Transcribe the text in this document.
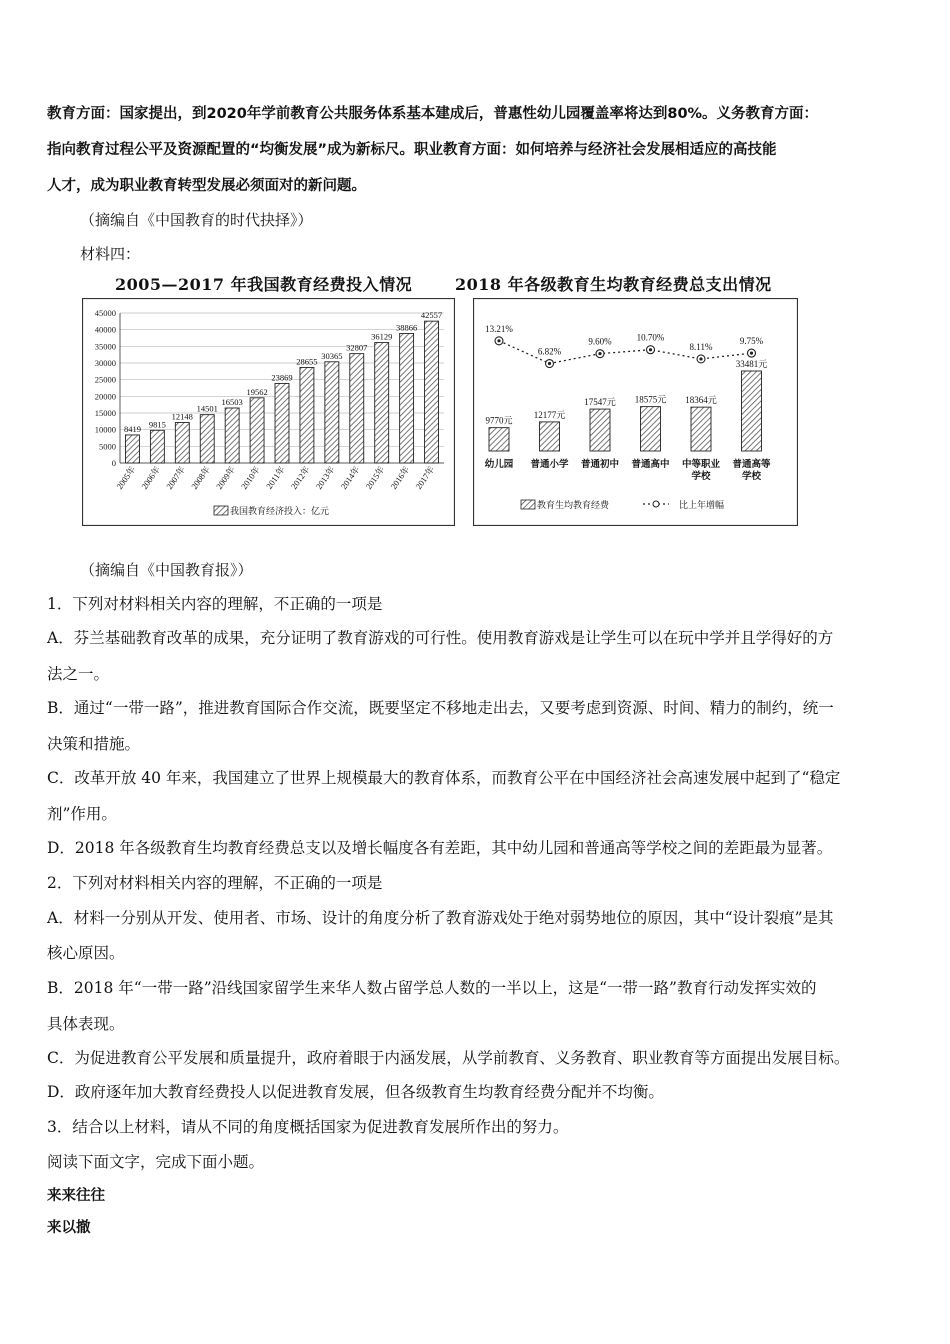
教育方面：国家提出，到2020年学前教育公共服务体系基本建成后，普惠性幼儿园覆盖率将达到80%。义务教育方面：
指向教育过程公平及资源配置的“均衡发展”成为新标尺。职业教育方面：如何培养与经济社会发展相适应的高技能
人才，成为职业教育转型发展必须面对的新问题。
（摘编自《中国教育的时代抉择》）
材料四：
2005—2017 年我国教育经费投入情况	2018 年各级教育生均教育经费总支出情况
45000
40000
35000
30000
25000
20000
15000
10000
5000
0
8419
2005年
9815
2006年
12148
2007年
14501
2008年
16503
2009年
19562
2010年
23869
2011年
28655
2012年
30365
2013年
32807
2014年
36129
2015年
38866
2016年
42557
2017年
我国教育经济投入：亿元
9770元
幼儿园
12177元
普通小学
17547元
普通初中
18575元
普通高中
18364元
中等职业
学校
33481元
普通高等
学校
13.21%
6.82%
9.60%	10.70%
8.11%
9.75%
教育生均教育经费	比上年增幅
（摘编自《中国教育报》）
1．下列对材料相关内容的理解，不正确的一项是
A．芬兰基础教育改革的成果，充分证明了教育游戏的可行性。使用教育游戏是让学生可以在玩中学并且学得好的方
法之一。
B．通过“一带一路”，推进教育国际合作交流，既要坚定不移地走出去，又要考虑到资源、时间、精力的制约，统一
决策和措施。
C．改革开放 40 年来，我国建立了世界上规模最大的教育体系，而教育公平在中国经济社会高速发展中起到了“稳定
剂”作用。
D．2018 年各级教育生均教育经费总支以及增长幅度各有差距，其中幼儿园和普通高等学校之间的差距最为显著。
2．下列对材料相关内容的理解，不正确的一项是
A．材料一分别从开发、使用者、市场、设计的角度分析了教育游戏处于绝对弱势地位的原因，其中“设计裂痕”是其
核心原因。
B．2018 年“一带一路”沿线国家留学生来华人数占留学总人数的一半以上，这是“一带一路”教育行动发挥实效的
具体表现。
C．为促进教育公平发展和质量提升，政府着眼于内涵发展，从学前教育、义务教育、职业教育等方面提出发展目标。
D．政府逐年加大教育经费投人以促进教育发展，但各级教育生均教育经费分配并不均衡。
3．结合以上材料，请从不同的角度概括国家为促进教育发展所作出的努力。
阅读下面文字，完成下面小题。
来来往往
来以撤
